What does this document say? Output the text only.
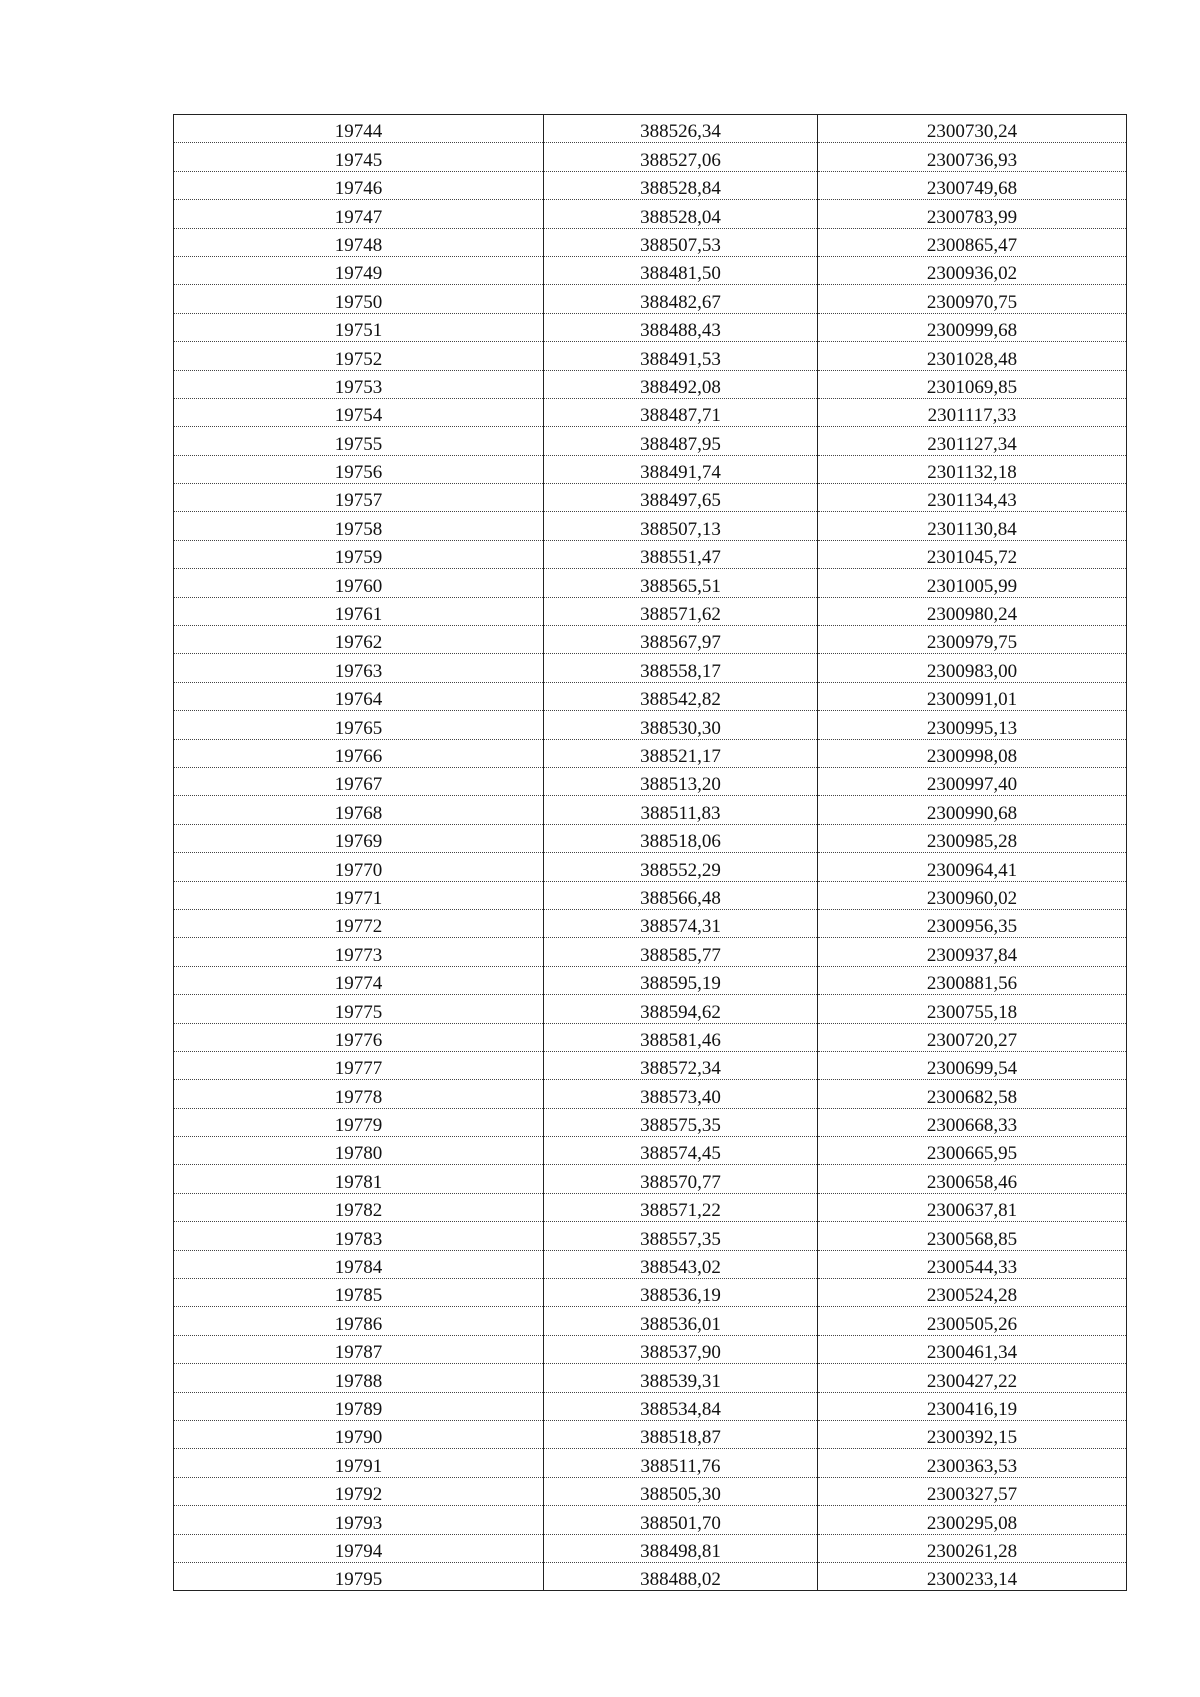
19744	388526,34	2300730,24
19745	388527,06	2300736,93
19746	388528,84	2300749,68
19747	388528,04	2300783,99
19748	388507,53	2300865,47
19749	388481,50	2300936,02
19750	388482,67	2300970,75
19751	388488,43	2300999,68
19752	388491,53	2301028,48
19753	388492,08	2301069,85
19754	388487,71	2301117,33
19755	388487,95	2301127,34
19756	388491,74	2301132,18
19757	388497,65	2301134,43
19758	388507,13	2301130,84
19759	388551,47	2301045,72
19760	388565,51	2301005,99
19761	388571,62	2300980,24
19762	388567,97	2300979,75
19763	388558,17	2300983,00
19764	388542,82	2300991,01
19765	388530,30	2300995,13
19766	388521,17	2300998,08
19767	388513,20	2300997,40
19768	388511,83	2300990,68
19769	388518,06	2300985,28
19770	388552,29	2300964,41
19771	388566,48	2300960,02
19772	388574,31	2300956,35
19773	388585,77	2300937,84
19774	388595,19	2300881,56
19775	388594,62	2300755,18
19776	388581,46	2300720,27
19777	388572,34	2300699,54
19778	388573,40	2300682,58
19779	388575,35	2300668,33
19780	388574,45	2300665,95
19781	388570,77	2300658,46
19782	388571,22	2300637,81
19783	388557,35	2300568,85
19784	388543,02	2300544,33
19785	388536,19	2300524,28
19786	388536,01	2300505,26
19787	388537,90	2300461,34
19788	388539,31	2300427,22
19789	388534,84	2300416,19
19790	388518,87	2300392,15
19791	388511,76	2300363,53
19792	388505,30	2300327,57
19793	388501,70	2300295,08
19794	388498,81	2300261,28
19795	388488,02	2300233,14
